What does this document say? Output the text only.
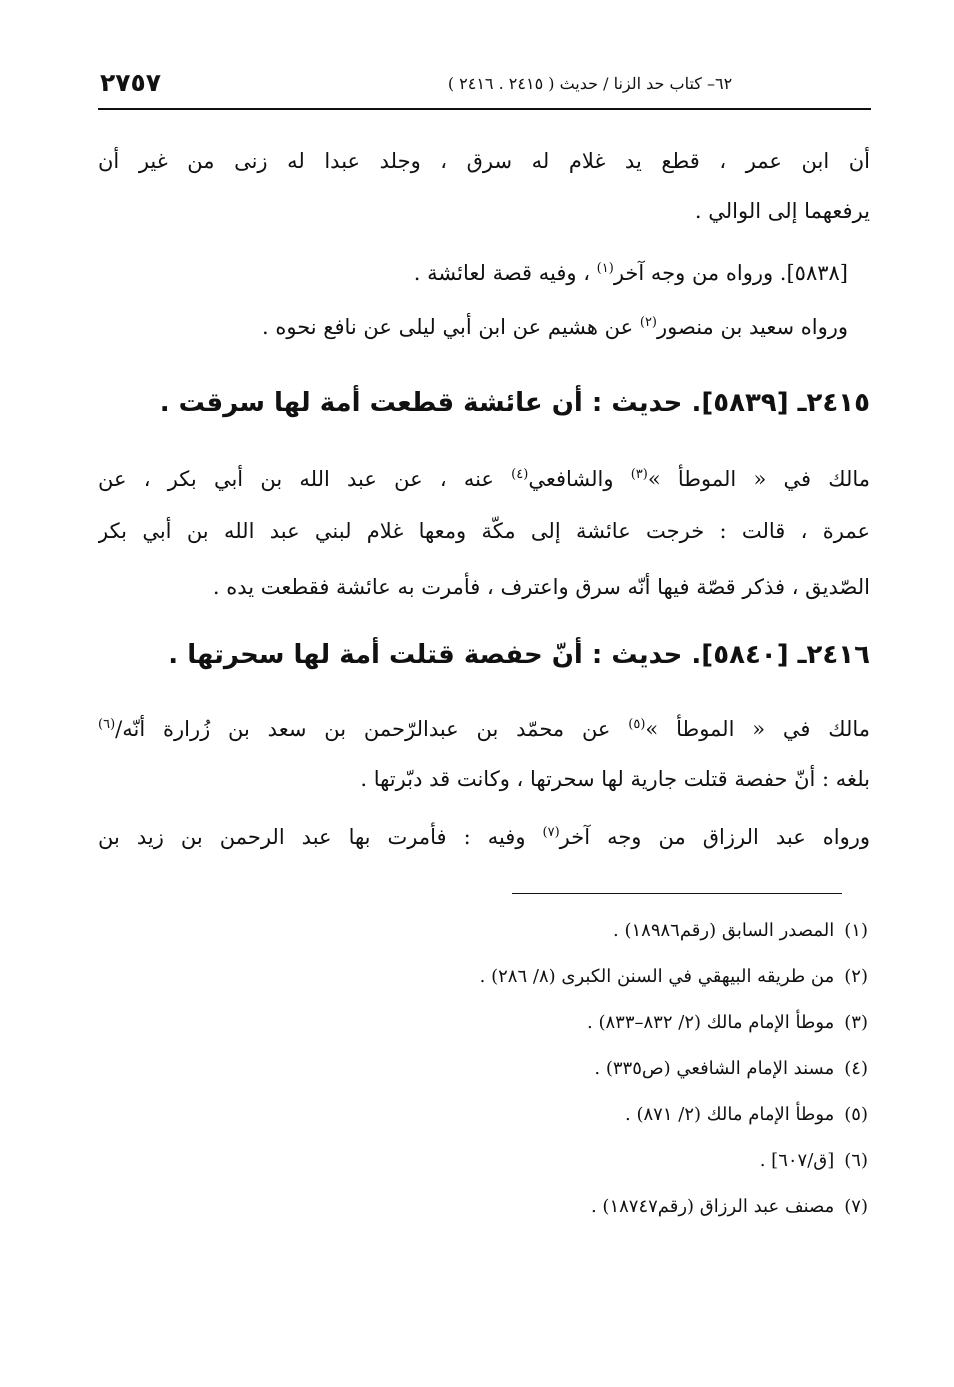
٦٢– كتاب حد الزنا / حديث ( ٢٤١٥ . ٢٤١٦ )
٢٧٥٧
أن ابن عمر ، قطع يد غلام له سرق ، وجلد عبدا له زنى من غير أن
يرفعهما إلى الوالي .
[٥٨٣٨]. ورواه من وجه آخر$^{(١)}$ ، وفيه قصة لعائشة .
ورواه سعيد بن منصور$^{(٢)}$ عن هشيم عن ابن أبي ليلى عن نافع نحوه .
٢٤١٥ـ [٥٨٣٩]. حديث : أن عائشة قطعت أمة لها سرقت .
مالك في « الموطأ »$^{(٣)}$ والشافعي$^{(٤)}$ عنه ، عن عبد الله بن أبي بكر ، عن
عمرة ، قالت : خرجت عائشة إلى مكّة ومعها غلام لبني عبد الله بن أبي بكر
الصّديق ، فذكر قصّة فيها أنّه سرق واعترف ، فأمرت به عائشة فقطعت يده .
٢٤١٦ـ [٥٨٤٠]. حديث : أنّ حفصة قتلت أمة لها سحرتها .
مالك في « الموطأ »$^{(٥)}$ عن محمّد بن عبدالرّحمن بن سعد بن زُرارة أنّه/$^{(٦)}$
بلغه : أنّ حفصة قتلت جارية لها سحرتها ، وكانت قد دبّرتها .
ورواه عبد الرزاق من وجه آخر$^{(٧)}$ وفيه : فأمرت بها عبد الرحمن بن زيد بن
(١)المصدر السابق (رقم١٨٩٨٦) .
(٢)من طريقه البيهقي في السنن الكبرى (٨/ ٢٨٦) .
(٣)موطأ الإمام مالك (٢/ ٨٣٢–٨٣٣) .
(٤)مسند الإمام الشافعي (ص٣٣٥) .
(٥)موطأ الإمام مالك (٢/ ٨٧١) .
(٦)[ق/٦٠٧] .
(٧)مصنف عبد الرزاق (رقم١٨٧٤٧) .
